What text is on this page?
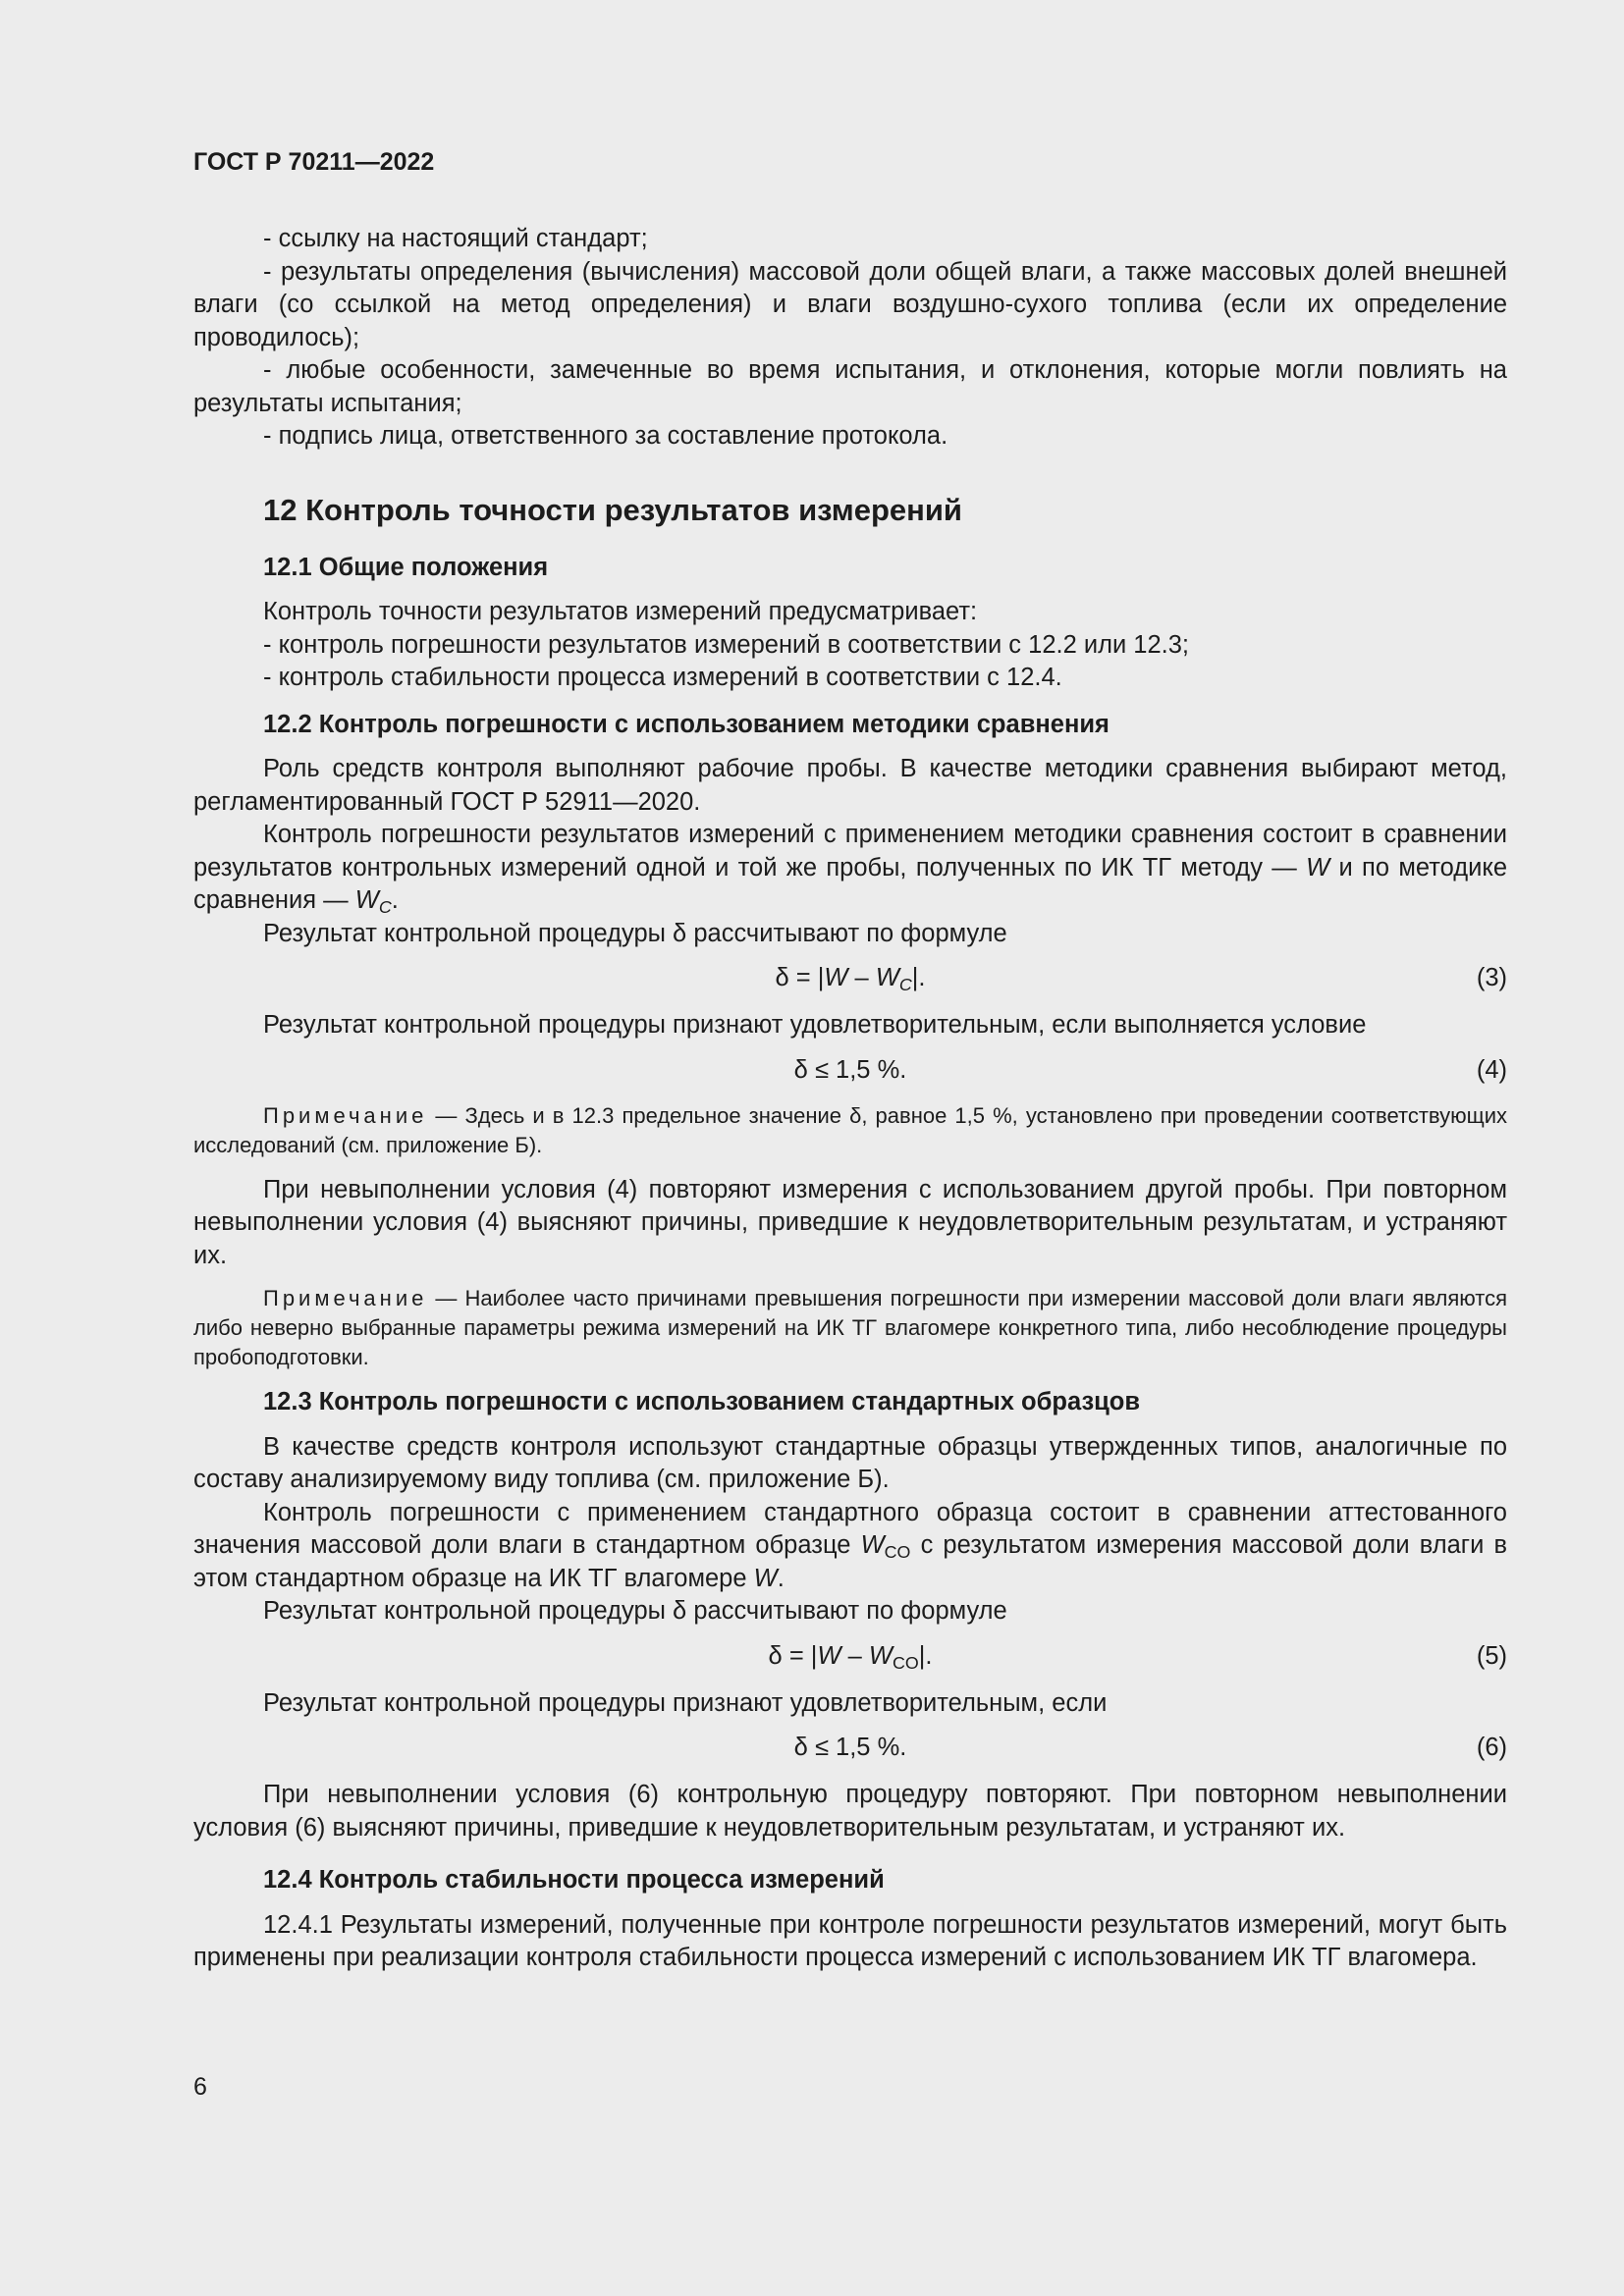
ГОСТ Р 70211—2022

- ссылку на настоящий стандарт;

- результаты определения (вычисления) массовой доли общей влаги, а также массовых долей внешней влаги (со ссылкой на метод определения) и влаги воздушно-сухого топлива (если их определение проводилось);

- любые особенности, замеченные во время испытания, и отклонения, которые могли повлиять на результаты испытания;

- подпись лица, ответственного за составление протокола.

12 Контроль точности результатов измерений
12.1 Общие положения

Контроль точности результатов измерений предусматривает:

- контроль погрешности результатов измерений в соответствии с 12.2 или 12.3;

- контроль стабильности процесса измерений в соответствии с 12.4.

12.2 Контроль погрешности с использованием методики сравнения

Роль средств контроля выполняют рабочие пробы. В качестве методики сравнения выбирают метод, регламентированный ГОСТ Р 52911—2020.

Контроль погрешности результатов измерений с применением методики сравнения состоит в сравнении результатов контрольных измерений одной и той же пробы, полученных по ИК ТГ методу — W и по методике сравнения — $W_C$.

Результат контрольной процедуры δ рассчитывают по формуле

$\delta = |W - W_C|$.	(3)

Результат контрольной процедуры признают удовлетворительным, если выполняется условие

δ ≤ 1,5 %.	(4)

Примечание — Здесь и в 12.3 предельное значение δ, равное 1,5 %, установлено при проведении соответствующих исследований (см. приложение Б).

При невыполнении условия (4) повторяют измерения с использованием другой пробы. При повторном невыполнении условия (4) выясняют причины, приведшие к неудовлетворительным результатам, и устраняют их.

Примечание — Наиболее часто причинами превышения погрешности при измерении массовой доли влаги являются либо неверно выбранные параметры режима измерений на ИК ТГ влагомере конкретного типа, либо несоблюдение процедуры пробоподготовки.

12.3 Контроль погрешности с использованием стандартных образцов

В качестве средств контроля используют стандартные образцы утвержденных типов, аналогичные по составу анализируемому виду топлива (см. приложение Б).

Контроль погрешности с применением стандартного образца состоит в сравнении аттестованного значения массовой доли влаги в стандартном образце $W_{CO}$ с результатом измерения массовой доли влаги в этом стандартном образце на ИК ТГ влагомере W.

Результат контрольной процедуры δ рассчитывают по формуле

$\delta = |W - W_{CO}|$.	(5)

Результат контрольной процедуры признают удовлетворительным, если

δ ≤ 1,5 %.	(6)

При невыполнении условия (6) контрольную процедуру повторяют. При повторном невыполнении условия (6) выясняют причины, приведшие к неудовлетворительным результатам, и устраняют их.

12.4 Контроль стабильности процесса измерений

12.4.1 Результаты измерений, полученные при контроле погрешности результатов измерений, могут быть применены при реализации контроля стабильности процесса измерений с использованием ИК ТГ влагомера.

6
